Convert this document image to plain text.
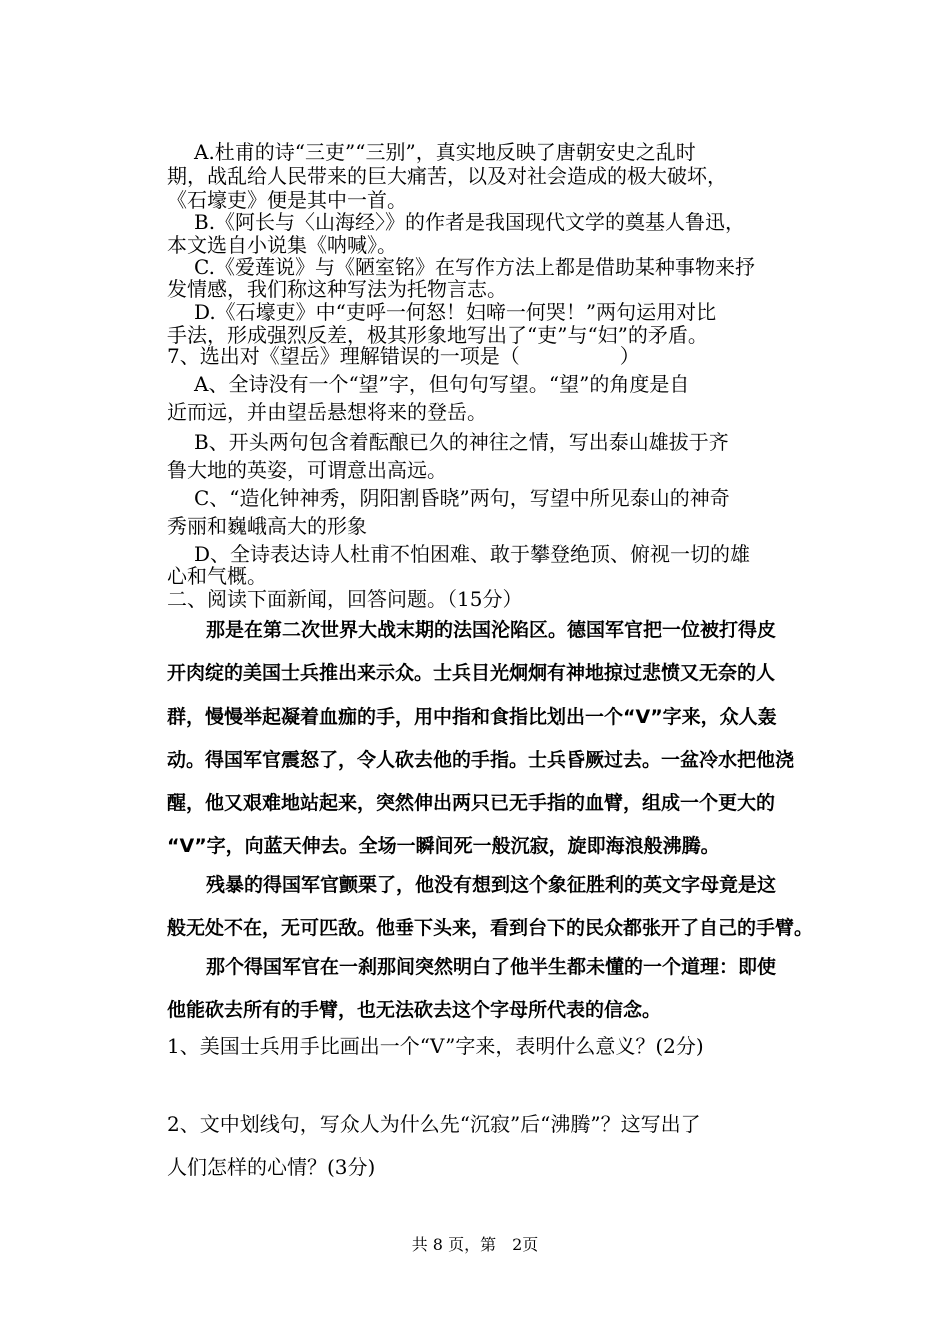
A.杜甫的诗“三吏”“三别”，真实地反映了唐朝安史之乱时
期，战乱给人民带来的巨大痛苦，以及对社会造成的极大破坏，
《石壕吏》便是其中一首。
B.《阿长与〈山海经〉》的作者是我国现代文学的奠基人鲁迅，
本文选自小说集《呐喊》。
C.《爱莲说》与《陋室铭》在写作方法上都是借助某种事物来抒
发情感，我们称这种写法为托物言志。
D.《石壕吏》中“吏呼一何怒！妇啼一何哭！”两句运用对比
手法，形成强烈反差，极其形象地写出了“吏”与“妇”的矛盾。
7、选出对《望岳》理解错误的一项是（　　　　　）
A、全诗没有一个“望”字，但句句写望。“望”的角度是自
近而远，并由望岳悬想将来的登岳。
B、开头两句包含着酝酿已久的神往之情，写出泰山雄拔于齐
鲁大地的英姿，可谓意出高远。
C、“造化钟神秀，阴阳割昏晓”两句，写望中所见泰山的神奇
秀丽和巍峨高大的形象
D、全诗表达诗人杜甫不怕困难、敢于攀登绝顶、俯视一切的雄
心和气概。
二、阅读下面新闻，回答问题。（15分）
那是在第二次世界大战末期的法国沦陷区。德国军官把一位被打得皮
开肉绽的美国士兵推出来示众。士兵目光炯炯有神地掠过悲愤又无奈的人
群，慢慢举起凝着血痂的手，用中指和食指比划出一个“V”字来，众人轰
动。得国军官震怒了，令人砍去他的手指。士兵昏厥过去。一盆冷水把他浇
醒，他又艰难地站起来，突然伸出两只已无手指的血臂，组成一个更大的
“V”字，向蓝天伸去。全场一瞬间死一般沉寂，旋即海浪般沸腾。
残暴的得国军官颤栗了，他没有想到这个象征胜利的英文字母竟是这
般无处不在，无可匹敌。他垂下头来，看到台下的民众都张开了自己的手臂。
那个得国军官在一刹那间突然明白了他半生都未懂的一个道理：即使
他能砍去所有的手臂，也无法砍去这个字母所代表的信念。
1、美国士兵用手比画出一个“V”字来，表明什么意义？(2分)
2、文中划线句，写众人为什么先“沉寂”后“沸腾”？这写出了
人们怎样的心情？(3分)
共 8 页，第　2页
